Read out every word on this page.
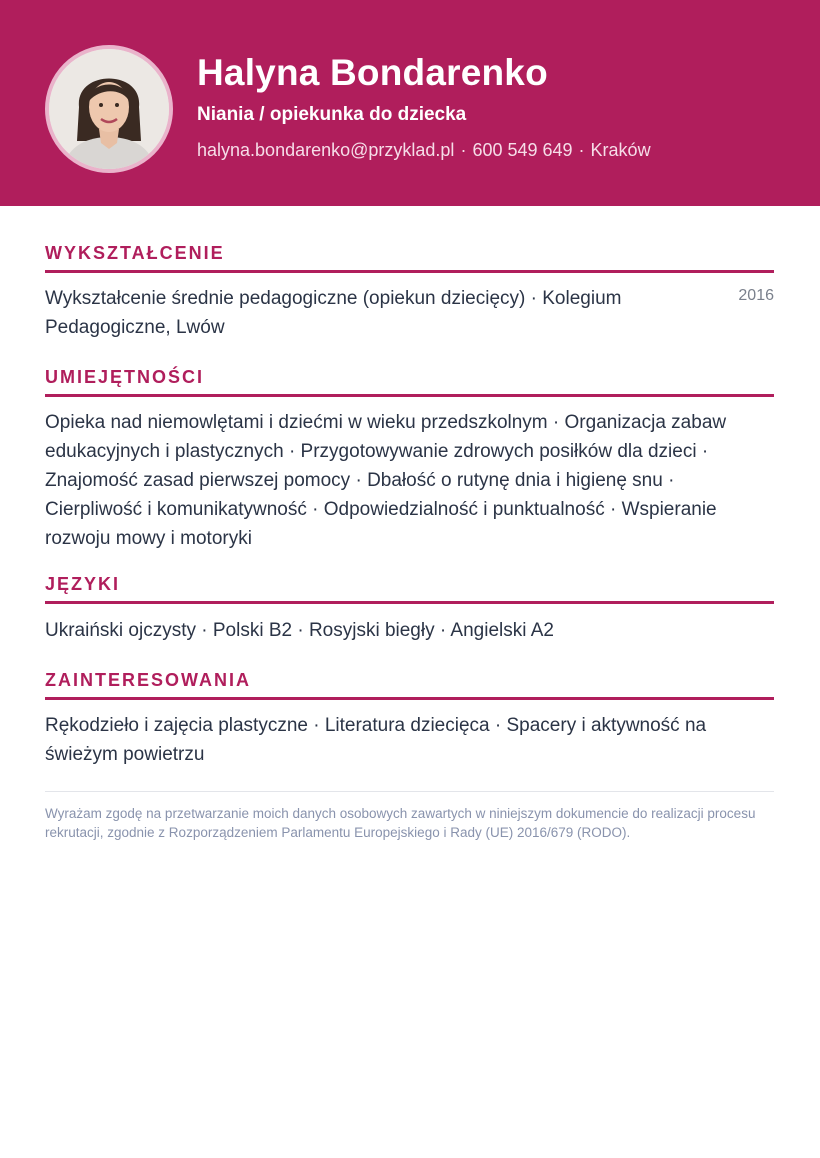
Halyna Bondarenko
Niania / opiekunka do dziecka
halyna.bondarenko@przyklad.pl · 600 549 649 · Kraków
WYKSZTAŁCENIE
Wykształcenie średnie pedagogiczne (opiekun dziecięcy) · Kolegium Pedagogiczne, Lwów
2016
UMIEJĘTNOŚCI
Opieka nad niemowlętami i dziećmi w wieku przedszkolnym · Organizacja zabaw edukacyjnych i plastycznych · Przygotowywanie zdrowych posiłków dla dzieci · Znajomość zasad pierwszej pomocy · Dbałość o rutynę dnia i higienę snu · Cierpliwość i komunikatywność · Odpowiedzialność i punktualność · Wspieranie rozwoju mowy i motoryki
JĘZYKI
Ukraiński ojczysty · Polski B2 · Rosyjski biegły · Angielski A2
ZAINTERESOWANIA
Rękodzieło i zajęcia plastyczne · Literatura dziecięca · Spacery i aktywność na świeżym powietrzu
Wyrażam zgodę na przetwarzanie moich danych osobowych zawartych w niniejszym dokumencie do realizacji procesu rekrutacji, zgodnie z Rozporządzeniem Parlamentu Europejskiego i Rady (UE) 2016/679 (RODO).
